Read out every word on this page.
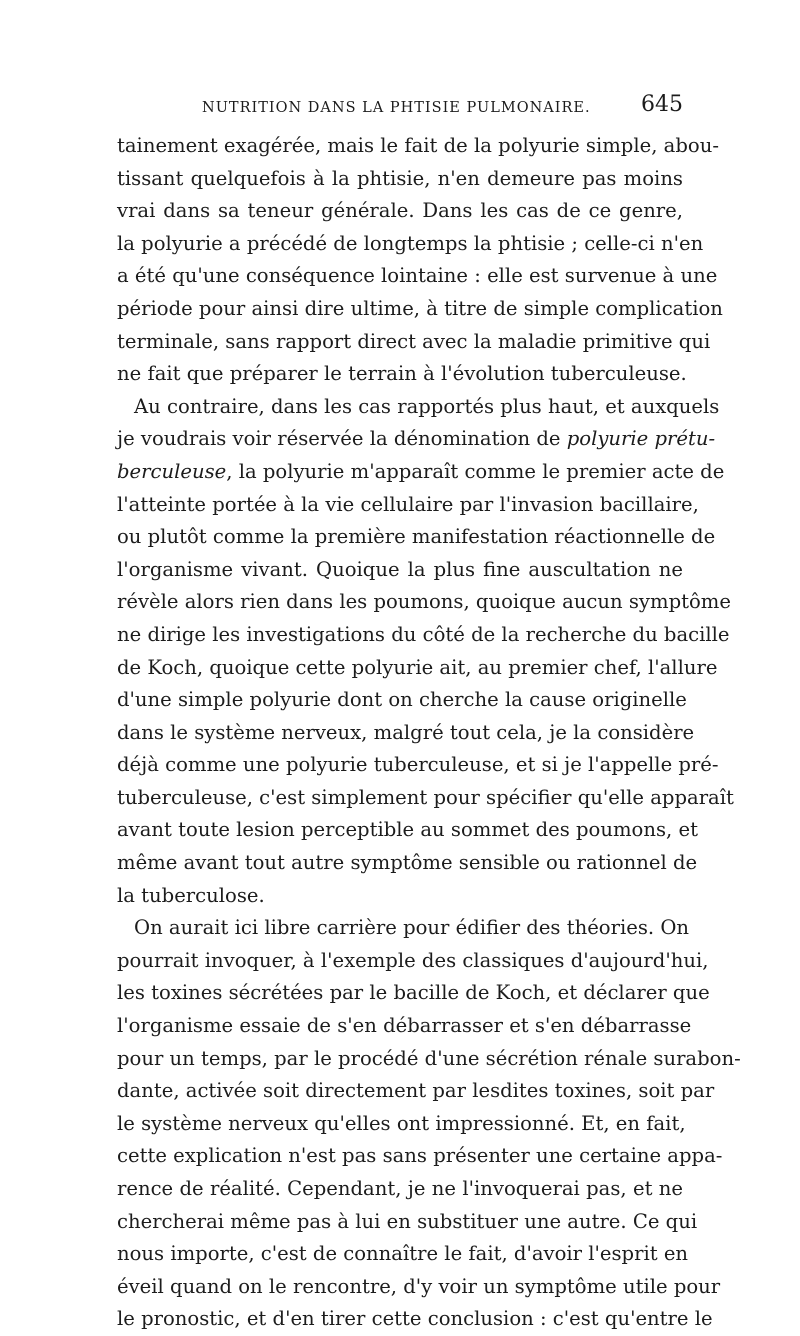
NUTRITION DANS LA PHTISIE PULMONAIRE. 645
tainement exagérée, mais le fait de la polyurie simple, abou-
tissant quelquefois à la phtisie, n'en demeure pas moins
vrai dans sa teneur générale. Dans les cas de ce genre,
la polyurie a précédé de longtemps la phtisie ; celle-ci n'en
a été qu'une conséquence lointaine : elle est survenue à une
période pour ainsi dire ultime, à titre de simple complication
terminale, sans rapport direct avec la maladie primitive qui
ne fait que préparer le terrain à l'évolution tuberculeuse.
Au contraire, dans les cas rapportés plus haut, et auxquels
je voudrais voir réservée la dénomination de polyurie prétu-
berculeuse, la polyurie m'apparaît comme le premier acte de
l'atteinte portée à la vie cellulaire par l'invasion bacillaire,
ou plutôt comme la première manifestation réactionnelle de
l'organisme vivant. Quoique la plus fine auscultation ne
révèle alors rien dans les poumons, quoique aucun symptôme
ne dirige les investigations du côté de la recherche du bacille
de Koch, quoique cette polyurie ait, au premier chef, l'allure
d'une simple polyurie dont on cherche la cause originelle
dans le système nerveux, malgré tout cela, je la considère
déjà comme une polyurie tuberculeuse, et si je l'appelle pré-
tuberculeuse, c'est simplement pour spécifier qu'elle apparaît
avant toute lesion perceptible au sommet des poumons, et
même avant tout autre symptôme sensible ou rationnel de
la tuberculose.
On aurait ici libre carrière pour édifier des théories. On
pourrait invoquer, à l'exemple des classiques d'aujourd'hui,
les toxines sécrétées par le bacille de Koch, et déclarer que
l'organisme essaie de s'en débarrasser et s'en débarrasse
pour un temps, par le procédé d'une sécrétion rénale surabon-
dante, activée soit directement par lesdites toxines, soit par
le système nerveux qu'elles ont impressionné. Et, en fait,
cette explication n'est pas sans présenter une certaine appa-
rence de réalité. Cependant, je ne l'invoquerai pas, et ne
chercherai même pas à lui en substituer une autre. Ce qui
nous importe, c'est de connaître le fait, d'avoir l'esprit en
éveil quand on le rencontre, d'y voir un symptôme utile pour
le pronostic, et d'en tirer cette conclusion : c'est qu'entre le
